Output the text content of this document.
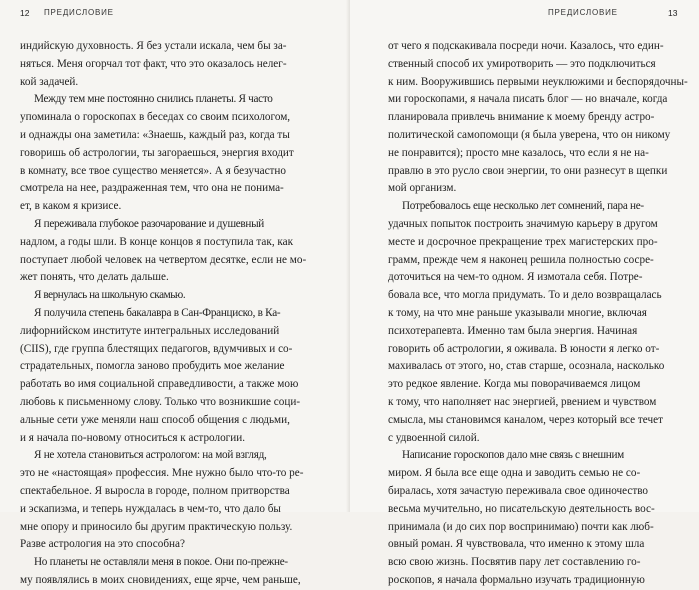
12 ПРЕДИСЛОВИЕ
индийскую духовность. Я без устали искала, чем бы за-
няться. Меня огорчал тот факт, что это оказалось нелег-
кой задачей.
Между тем мне постоянно снились планеты. Я часто
упоминала о гороскопах в беседах со своим психологом,
и однажды она заметила: «Знаешь, каждый раз, когда ты
говоришь об астрологии, ты загораешься, энергия входит
в комнату, все твое существо меняется». А я безучастно
смотрела на нее, раздраженная тем, что она не понима-
ет, в каком я кризисе.
Я переживала глубокое разочарование и душевный
надлом, а годы шли. В конце концов я поступила так, как
поступает любой человек на четвертом десятке, если не мо-
жет понять, что делать дальше.
Я вернулась на школьную скамью.
Я получила степень бакалавра в Сан-Франциско, в Ка-
лифорнийском институте интегральных исследований
(CIIS), где группа блестящих педагогов, вдумчивых и со-
страдательных, помогла заново пробудить мое желание
работать во имя социальной справедливости, а также мою
любовь к письменному слову. Только что возникшие соци-
альные сети уже меняли наш способ общения с людьми,
и я начала по-новому относиться к астрологии.
Я не хотела становиться астрологом: на мой взгляд,
это не «настоящая» профессия. Мне нужно было что-то ре-
спектабельное. Я выросла в городе, полном притворства
и эскапизма, и теперь нуждалась в чем-то, что дало бы
мне опору и приносило бы другим практическую пользу.
Разве астрология на это способна?
Но планеты не оставляли меня в покое. Они по-прежне-
му появлялись в моих сновидениях, еще ярче, чем раньше,
ПРЕДИСЛОВИЕ	13
от чего я подскакивала посреди ночи. Казалось, что един-
ственный способ их умиротворить — это подключиться
к ним. Вооружившись первыми неуклюжими и беспорядочны-
ми гороскопами, я начала писать блог — но вначале, когда
планировала привлечь внимание к моему бренду астро-
политической самопомощи (я была уверена, что он никому
не понравится); просто мне казалось, что если я не на-
правлю в это русло свои энергии, то они разнесут в щепки
мой организм.
Потребовалось еще несколько лет сомнений, пара не-
удачных попыток построить значимую карьеру в другом
месте и досрочное прекращение трех магистерских про-
грамм, прежде чем я наконец решила полностью сосре-
доточиться на чем-то одном. Я измотала себя. Потре-
бовала все, что могла придумать. То и дело возвращалась
к тому, на что мне раньше указывали многие, включая
психотерапевта. Именно там была энергия. Начиная
говорить об астрологии, я оживала. В юности я легко от-
махивалась от этого, но, став старше, осознала, насколько
это редкое явление. Когда мы поворачиваемся лицом
к тому, что наполняет нас энергией, рвением и чувством
смысла, мы становимся каналом, через который все течет
с удвоенной силой.
Написание гороскопов дало мне связь с внешним
миром. Я была все еще одна и заводить семью не со-
биралась, хотя зачастую переживала свое одиночество
весьма мучительно, но писательскую деятельность вос-
принимала (и до сих пор воспринимаю) почти как люб-
овный роман. Я чувствовала, что именно к этому шла
всю свою жизнь. Посвятив пару лет составлению го-
роскопов, я начала формально изучать традиционную
